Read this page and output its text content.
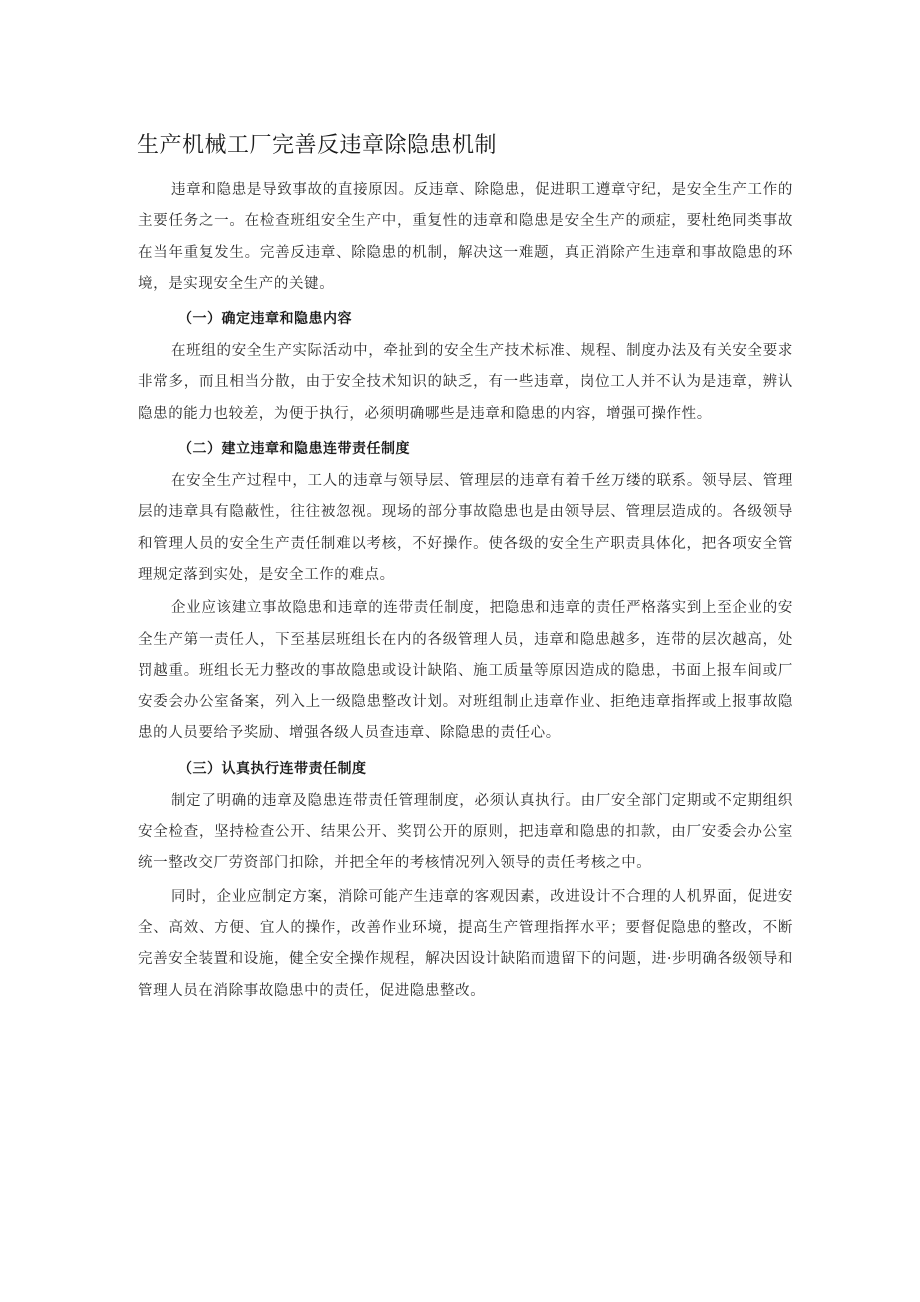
生产机械工厂完善反违章除隐患机制

违章和隐患是导致事故的直接原因。反违章、除隐患，促进职工遵章守纪，是安全生产工作的主要任务之一。在检查班组安全生产中，重复性的违章和隐患是安全生产的顽症，要杜绝同类事故在当年重复发生。完善反违章、除隐患的机制，解决这一难题，真正消除产生违章和事故隐患的环境，是实现安全生产的关键。

（一）确定违章和隐患内容

在班组的安全生产实际活动中，牵扯到的安全生产技术标准、规程、制度办法及有关安全要求非常多，而且相当分散，由于安全技术知识的缺乏，有一些违章，岗位工人并不认为是违章，辨认隐患的能力也较差，为便于执行，必须明确哪些是违章和隐患的内容，增强可操作性。

（二）建立违章和隐患连带责任制度

在安全生产过程中，工人的违章与领导层、管理层的违章有着千丝万缕的联系。领导层、管理层的违章具有隐蔽性，往往被忽视。现场的部分事故隐患也是由领导层、管理层造成的。各级领导和管理人员的安全生产责任制难以考核，不好操作。使各级的安全生产职责具体化，把各项安全管理规定落到实处，是安全工作的难点。

企业应该建立事故隐患和违章的连带责任制度，把隐患和违章的责任严格落实到上至企业的安全生产第一责任人，下至基层班组长在内的各级管理人员，违章和隐患越多，连带的层次越高，处罚越重。班组长无力整改的事故隐患或设计缺陷、施工质量等原因造成的隐患，书面上报车间或厂安委会办公室备案，列入上一级隐患整改计划。对班组制止违章作业、拒绝违章指挥或上报事故隐患的人员要给予奖励、增强各级人员查违章、除隐患的责任心。

（三）认真执行连带责任制度

制定了明确的违章及隐患连带责任管理制度，必须认真执行。由厂安全部门定期或不定期组织安全检查，坚持检查公开、结果公开、奖罚公开的原则，把违章和隐患的扣款，由厂安委会办公室统一整改交厂劳资部门扣除，并把全年的考核情况列入领导的责任考核之中。

同时，企业应制定方案，消除可能产生违章的客观因素，改进设计不合理的人机界面，促进安全、高效、方便、宜人的操作，改善作业环境，提高生产管理指挥水平；要督促隐患的整改，不断完善安全装置和设施，健全安全操作规程，解决因设计缺陷而遗留下的问题，进·步明确各级领导和管理人员在消除事故隐患中的责任，促进隐患整改。
